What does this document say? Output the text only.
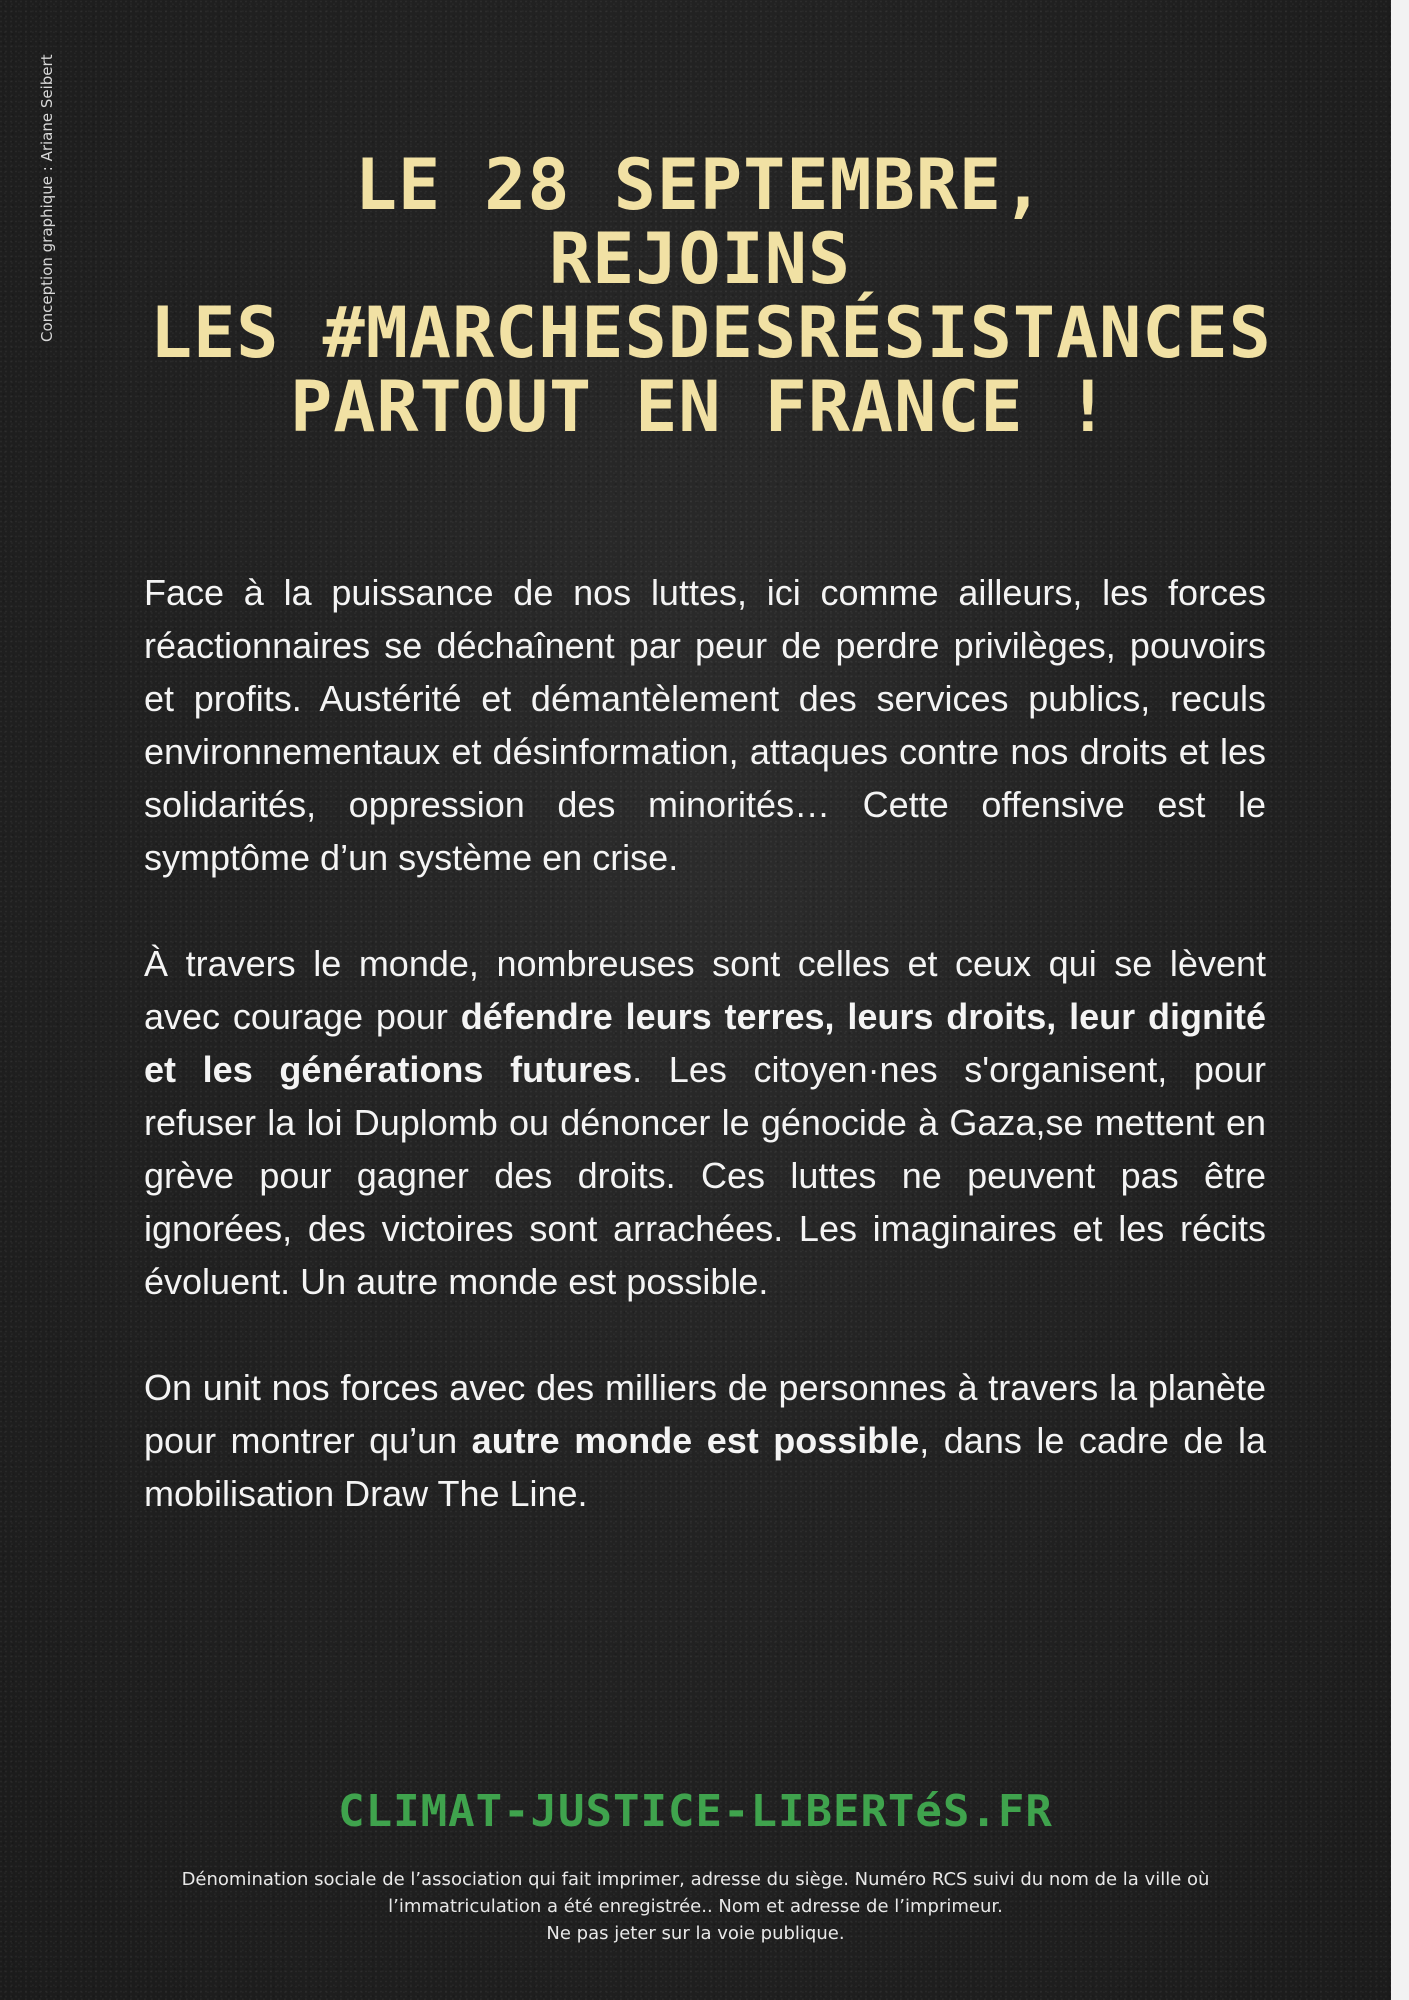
Conception graphique : Ariane Seibert	LE 28 SEPTEMBRE,
REJOINS
LES #MARCHESDESRÉSISTANCES
PARTOUT EN FRANCE !

Face à la puissance de nos luttes, ici comme ailleurs, les forces réactionnaires se déchaînent par peur de perdre privilèges, pouvoirs et profits. Austérité et démantèlement des services publics, reculs environnementaux et désinformation, attaques contre nos droits et les solidarités, oppression des minorités… Cette offensive est le symptôme d’un système en crise.

À travers le monde, nombreuses sont celles et ceux qui se lèvent avec courage pour défendre leurs terres, leurs droits, leur dignité et les générations futures. Les citoyen·nes s'organisent, pour refuser la loi Duplomb ou dénoncer le génocide à Gaza,se mettent en grève pour gagner des droits. Ces luttes ne peuvent pas être ignorées, des victoires sont arrachées. Les imaginaires et les récits évoluent. Un autre monde est possible.

On unit nos forces avec des milliers de personnes à travers la planète pour montrer qu’un autre monde est possible, dans le cadre de la mobilisation Draw The Line.

CLIMAT-JUSTICE-LIBERTéS.FR
Dénomination sociale de l’association qui fait imprimer, adresse du siège. Numéro RCS suivi du nom de la ville où
l’immatriculation a été enregistrée.. Nom et adresse de l’imprimeur.
Ne pas jeter sur la voie publique.
